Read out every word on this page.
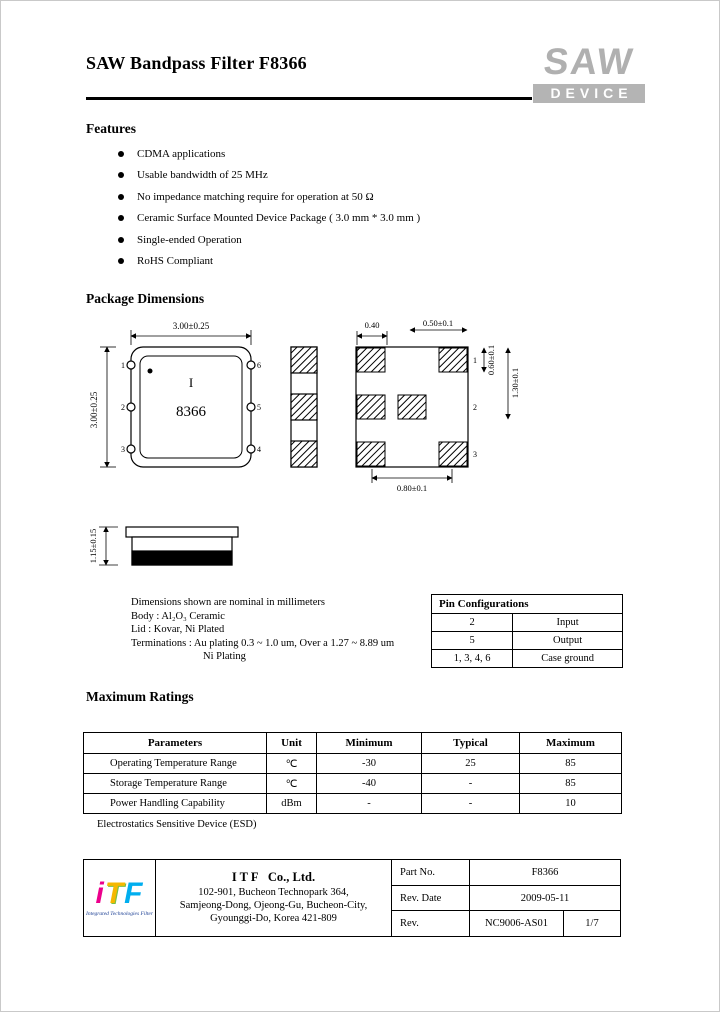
SAW Bandpass Filter F8366	SAW
DEVICE
Features
CDMA applications
Usable bandwidth of 25 MHz
No impedance matching require for operation at 50 Ω
Ceramic Surface Mounted Device Package ( 3.0 mm * 3.0 mm )
Single-ended Operation
RoHS Compliant
Package Dimensions
3.00±0.25
3.00±0.25
I
8366
1
2
3
6
5
4
0.40	0.50±0.1
0.60±0.1
1.30±0.1
0.80±0.1
1
2
3
1.15±0.15
Dimensions shown are nominal in millimeters
Body : Al₂O₃ Ceramic
Lid : Kovar, Ni Plated
Terminations : Au plating 0.3 ~ 1.0 um, Over a 1.27 ~ 8.89 um
Ni Plating
Pin Configurations	
2	Input
5	Output
1, 3, 4, 6	Case ground
Maximum Ratings
Parameters	Unit	Minimum	Typical	Maximum
Operating Temperature Range	℃	-30	25	85
Storage Temperature Range	℃	-40	-	85
Power Handling Capability	dBm	-	-	10
Electrostatics Sensitive Device (ESD)
iTF
Integrated Technologies Filter
I T F   Co., Ltd.
102-901, Bucheon Technopark 364,
Samjeong-Dong, Ojeong-Gu, Bucheon-City,
Gyounggi-Do, Korea 421-809
Part No.	F8366
Rev. Date	2009-05-11
Rev.	NC9006-AS01	1/7
